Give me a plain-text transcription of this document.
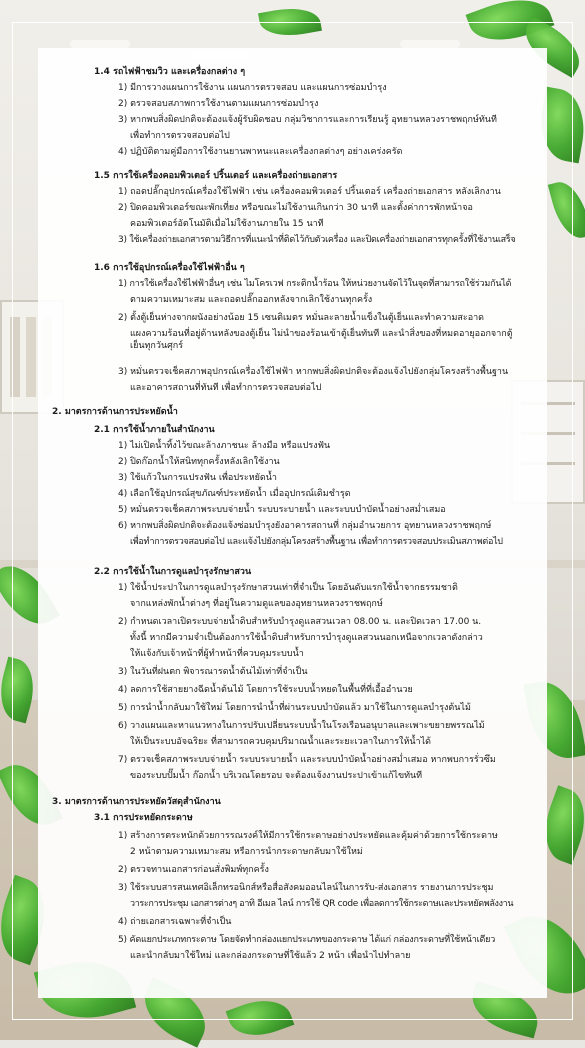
1.4 รถไฟฟ้าชมวิว และเครื่องกลต่าง ๆ
1) มีการวางแผนการใช้งาน แผนการตรวจสอบ และแผนการซ่อมบำรุง
2) ตรวจสอบสภาพการใช้งานตามแผนการซ่อมบำรุง
3) หากพบสิ่งผิดปกติจะต้องแจ้งผู้รับผิดชอบ กลุ่มวิชาการและการเรียนรู้ อุทยานหลวงราชพฤกษ์ทันที
เพื่อทำการตรวจสอบต่อไป
4) ปฏิบัติตามคู่มือการใช้งานยานพาหนะและเครื่องกลต่างๆ อย่างเคร่งครัด
1.5 การใช้เครื่องคอมพิวเตอร์ ปริ้นเตอร์ และเครื่องถ่ายเอกสาร
1) ถอดปลั๊กอุปกรณ์เครื่องใช้ไฟฟ้า เช่น เครื่องคอมพิวเตอร์ ปริ้นเตอร์ เครื่องถ่ายเอกสาร หลังเลิกงาน
2) ปิดคอมพิวเตอร์ขณะพักเที่ยง หรือขณะไม่ใช้งานเกินกว่า 30 นาที และตั้งค่าการพักหน้าจอ
คอมพิวเตอร์อัตโนมัติเมื่อไม่ใช้งานภายใน 15 นาที
3) ใช้เครื่องถ่ายเอกสารตามวิธีการที่แนะนำที่ติดไว้กับตัวเครื่อง และปิดเครื่องถ่ายเอกสารทุกครั้งที่ใช้งานเสร็จ
1.6 การใช้อุปกรณ์เครื่องใช้ไฟฟ้าอื่น ๆ
1) การใช้เครื่องใช้ไฟฟ้าอื่นๆ เช่น ไมโครเวฟ กระติกน้ำร้อน ให้หน่วยงานจัดไว้ในจุดที่สามารถใช้ร่วมกันได้
ตามความเหมาะสม และถอดปลั๊กออกหลังจากเลิกใช้งานทุกครั้ง
2) ตั้งตู้เย็นห่างจากผนังอย่างน้อย 15 เซนติเมตร หมั่นละลายน้ำแข็งในตู้เย็นและทำความสะอาด
แผงความร้อนที่อยู่ด้านหลังของตู้เย็น ไม่นำของร้อนเข้าตู้เย็นทันที และนำสิ่งของที่หมดอายุออกจากตู้เย็นทุกวันศุกร์
3) หมั่นตรวจเช็คสภาพอุปกรณ์เครื่องใช้ไฟฟ้า หากพบสิ่งผิดปกติจะต้องแจ้งไปยังกลุ่มโครงสร้างพื้นฐาน
และอาคารสถานที่ทันที เพื่อทำการตรวจสอบต่อไป
2. มาตรการด้านการประหยัดน้ำ
2.1 การใช้น้ำภายในสำนักงาน
1) ไม่เปิดน้ำทิ้งไว้ขณะล้างภาชนะ ล้างมือ หรือแปรงฟัน
2) ปิดก๊อกน้ำให้สนิททุกครั้งหลังเลิกใช้งาน
3) ใช้แก้วในการแปรงฟัน เพื่อประหยัดน้ำ
4) เลือกใช้อุปกรณ์สุขภัณฑ์ประหยัดน้ำ เมื่ออุปกรณ์เดิมชำรุด
5) หมั่นตรวจเช็คสภาพระบบจ่ายน้ำ ระบบระบายน้ำ และระบบบำบัดน้ำอย่างสม่ำเสมอ
6) หากพบสิ่งผิดปกติจะต้องแจ้งซ่อมบำรุงยังอาคารสถานที่ กลุ่มอำนวยการ อุทยานหลวงราชพฤกษ์
เพื่อทำการตรวจสอบต่อไป และแจ้งไปยังกลุ่มโครงสร้างพื้นฐาน เพื่อทำการตรวจสอบประเมินสภาพต่อไป
2.2 การใช้น้ำในการดูแลบำรุงรักษาสวน
1) ใช้น้ำประปาในการดูแลบำรุงรักษาสวนเท่าที่จำเป็น โดยอันดับแรกใช้น้ำจากธรรมชาติ
จากแหล่งพักน้ำต่างๆ ที่อยู่ในความดูแลของอุทยานหลวงราชพฤกษ์
2) กำหนดเวลาเปิดระบบจ่ายน้ำดิบสำหรับบำรุงดูแลสวนเวลา 08.00 น. และปิดเวลา 17.00 น.
ทั้งนี้ หากมีความจำเป็นต้องการใช้น้ำดิบสำหรับการบำรุงดูแลสวนนอกเหนือจากเวลาดังกล่าว
ให้แจ้งกับเจ้าหน้าที่ผู้ทำหน้าที่ควบคุมระบบน้ำ
3) ในวันที่ฝนตก พิจารณารดน้ำต้นไม้เท่าที่จำเป็น
4) ลดการใช้สายยางฉีดน้ำต้นไม้ โดยการใช้ระบบน้ำหยดในพื้นที่ที่เอื้ออำนวย
5) การนำน้ำกลับมาใช้ใหม่ โดยการนำน้ำที่ผ่านระบบบำบัดแล้ว มาใช้ในการดูแลบำรุงต้นไม้
6) วางแผนและหาแนวทางในการปรับเปลี่ยนระบบน้ำในโรงเรือนอนุบาลและเพาะขยายพรรณไม้
ให้เป็นระบบอัจฉริยะ ที่สามารถควบคุมปริมาณน้ำและระยะเวลาในการให้น้ำได้
7) ตรวจเช็คสภาพระบบจ่ายน้ำ ระบบระบายน้ำ และระบบบำบัดน้ำอย่างสม่ำเสมอ หากพบการรั่วซึม
ของระบบปั๊มน้ำ ก๊อกน้ำ บริเวณโดยรอบ จะต้องแจ้งงานประปาเข้าแก้ไขทันที
3. มาตรการด้านการประหยัดวัสดุสำนักงาน
3.1 การประหยัดกระดาษ
1) สร้างการตระหนักด้วยการรณรงค์ให้มีการใช้กระดาษอย่างประหยัดและคุ้มค่าด้วยการใช้กระดาษ
2 หน้าตามความเหมาะสม หรือการนำกระดาษกลับมาใช้ใหม่
2) ตรวจทานเอกสารก่อนสั่งพิมพ์ทุกครั้ง
3) ใช้ระบบสารสนเทศอิเล็กทรอนิกส์หรือสื่อสังคมออนไลน์ในการรับ-ส่งเอกสาร รายงานการประชุม
วาระการประชุม เอกสารต่างๆ อาทิ อีเมล ไลน์ การใช้ QR code เพื่อลดการใช้กระดาษและประหยัดพลังงาน
4) ถ่ายเอกสารเฉพาะที่จำเป็น
5) คัดแยกประเภทกระดาษ โดยจัดทำกล่องแยกประเภทของกระดาษ ได้แก่ กล่องกระดาษที่ใช้หน้าเดียว
และนำกลับมาใช้ใหม่ และกล่องกระดาษที่ใช้แล้ว 2 หน้า เพื่อนำไปทำลาย
